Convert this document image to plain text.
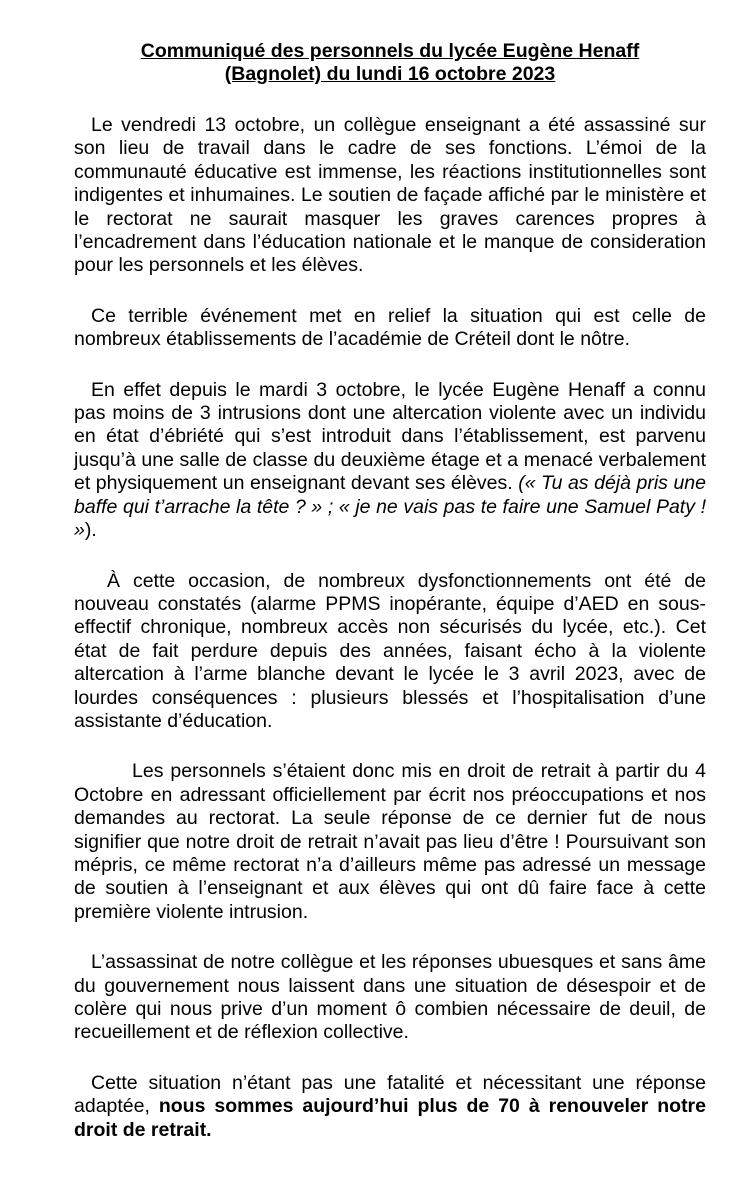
Communiqué des personnels du lycée Eugène Henaff
(Bagnolet) du lundi 16 octobre 2023

Le vendredi 13 octobre, un collègue enseignant a été assassiné sur son lieu de travail dans le cadre de ses fonctions. L’émoi de la communauté éducative est immense, les réactions institutionnelles sont indigentes et inhumaines. Le soutien de façade affiché par le ministère et le rectorat ne saurait masquer les graves carences propres à l’encadrement dans l’éducation nationale et le manque de consideration pour les personnels et les élèves.

Ce terrible événement met en relief la situation qui est celle de nombreux établissements de l’académie de Créteil dont le nôtre.

En effet depuis le mardi 3 octobre, le lycée Eugène Henaff a connu pas moins de 3 intrusions dont une altercation violente avec un individu en état d’ébriété qui s’est introduit dans l’établissement, est parvenu jusqu’à une salle de classe du deuxième étage et a menacé verbalement et physiquement un enseignant devant ses élèves. (« Tu as déjà pris une baffe qui t’arrache la tête ? » ; « je ne vais pas te faire une Samuel Paty ! »).

À cette occasion, de nombreux dysfonctionnements ont été de nouveau constatés (alarme PPMS inopérante, équipe d’AED en sous-effectif chronique, nombreux accès non sécurisés du lycée, etc.). Cet état de fait perdure depuis des années, faisant écho à la violente altercation à l’arme blanche devant le lycée le 3 avril 2023, avec de lourdes conséquences : plusieurs blessés et l’hospitalisation d’une assistante d’éducation.

Les personnels s’étaient donc mis en droit de retrait à partir du 4 Octobre en adressant officiellement par écrit nos préoccupations et nos demandes au rectorat. La seule réponse de ce dernier fut de nous signifier que notre droit de retrait n’avait pas lieu d’être ! Poursuivant son mépris, ce même rectorat n’a d’ailleurs même pas adressé un message de soutien à l’enseignant et aux élèves qui ont dû faire face à cette première violente intrusion.

L’assassinat de notre collègue et les réponses ubuesques et sans âme du gouvernement nous laissent dans une situation de désespoir et de colère qui nous prive d’un moment ô combien nécessaire de deuil, de recueillement et de réflexion collective.

Cette situation n’étant pas une fatalité et nécessitant une réponse adaptée, nous sommes aujourd’hui plus de 70 à renouveler notre droit de retrait.
